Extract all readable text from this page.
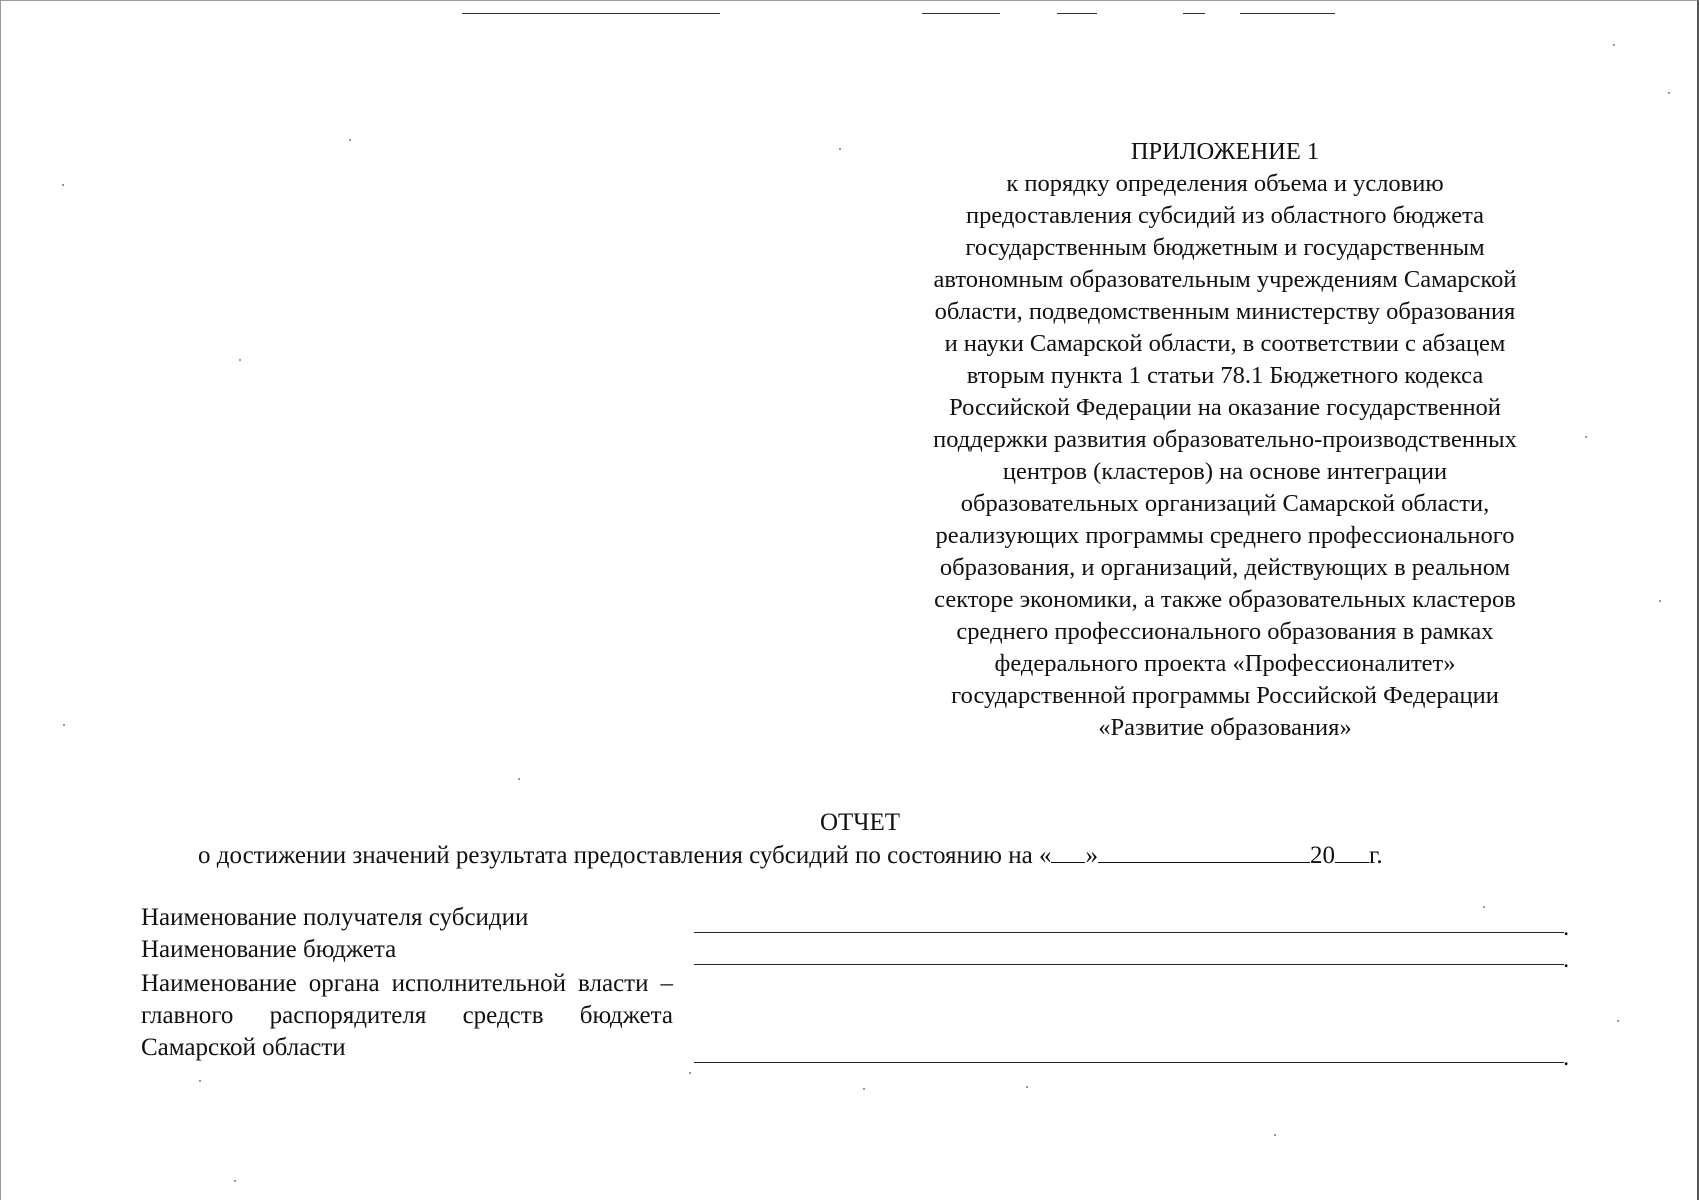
ПРИЛОЖЕНИЕ 1
к порядку определения объема и условию
предоставления субсидий из областного бюджета
государственным бюджетным и государственным
автономным образовательным учреждениям Самарской
области, подведомственным министерству образования
и науки Самарской области, в соответствии с абзацем
вторым пункта 1 статьи 78.1 Бюджетного кодекса
Российской Федерации на оказание государственной
поддержки развития образовательно-производственных
центров (кластеров) на основе интеграции
образовательных организаций Самарской области,
реализующих программы среднего профессионального
образования, и организаций, действующих в реальном
секторе экономики, а также образовательных кластеров
среднего профессионального образования в рамках
федерального проекта «Профессионалитет»
государственной программы Российской Федерации
«Развитие образования»
ОТЧЕТ
о достижении значений результата предоставления субсидий по состоянию на « »	20 г.
Наименование получателя субсидии	.
Наименование бюджета	.
Наименование органа исполнительной власти – главного распорядителя средств бюджета Самарской области	.
